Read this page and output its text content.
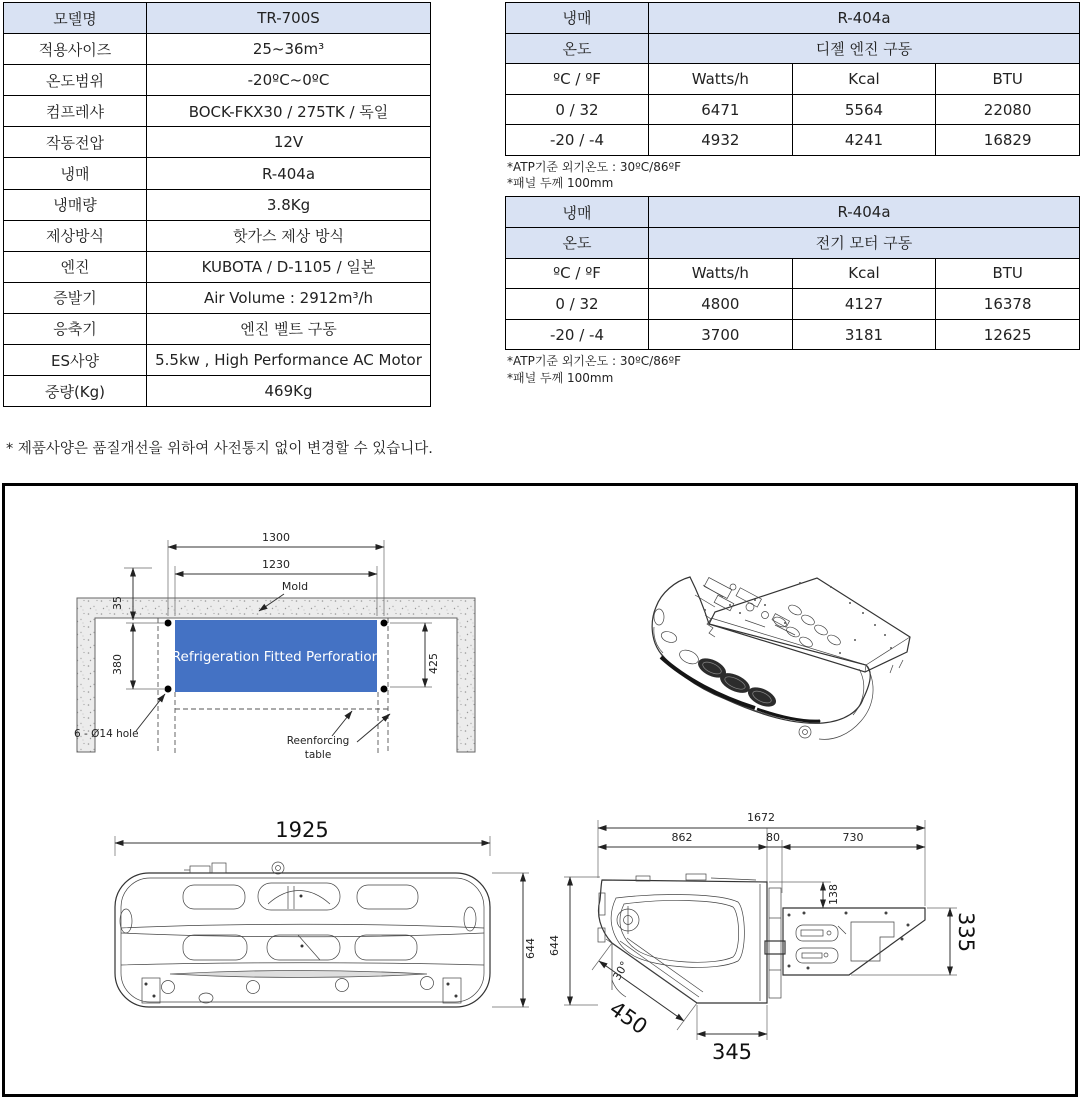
모델명	TR-700S
적용사이즈	25~36m³
온도범위	-20ºC~0ºC
컴프레샤	BOCK-FKX30 / 275TK / 독일
작동전압	12V
냉매	R-404a
냉매량	3.8Kg
제상방식	핫가스 제상 방식
엔진	KUBOTA / D-1105 / 일본
증발기	Air Volume : 2912m³/h
응축기	엔진 벨트 구동
ES사양	5.5kw , High Performance AC Motor
중량(Kg)	469Kg
* 제품사양은 품질개선을 위하여 사전통지 없이 변경할 수 있습니다.
냉매	R-404a		
온도	디젤 엔진 구동		
ºC / ºF	Watts/h	Kcal	BTU
0 / 32	6471	5564	22080
-20 / -4	4932	4241	16829
*ATP기준 외기온도 : 30ºC/86ºF
*패널 두께 100mm
냉매	R-404a		
온도	전기 모터 구동		
ºC / ºF	Watts/h	Kcal	BTU
0 / 32	4800	4127	16378
-20 / -4	3700	3181	12625
*ATP기준 외기온도 : 30ºC/86ºF
*패널 두께 100mm
Refrigeration Fitted Perforation
1300
1230
35
380	425
Mold
6 - Ø14 hole
Reenforcing
table
1925
644
1672
862	80	730
644
138
335
30°
450
345
